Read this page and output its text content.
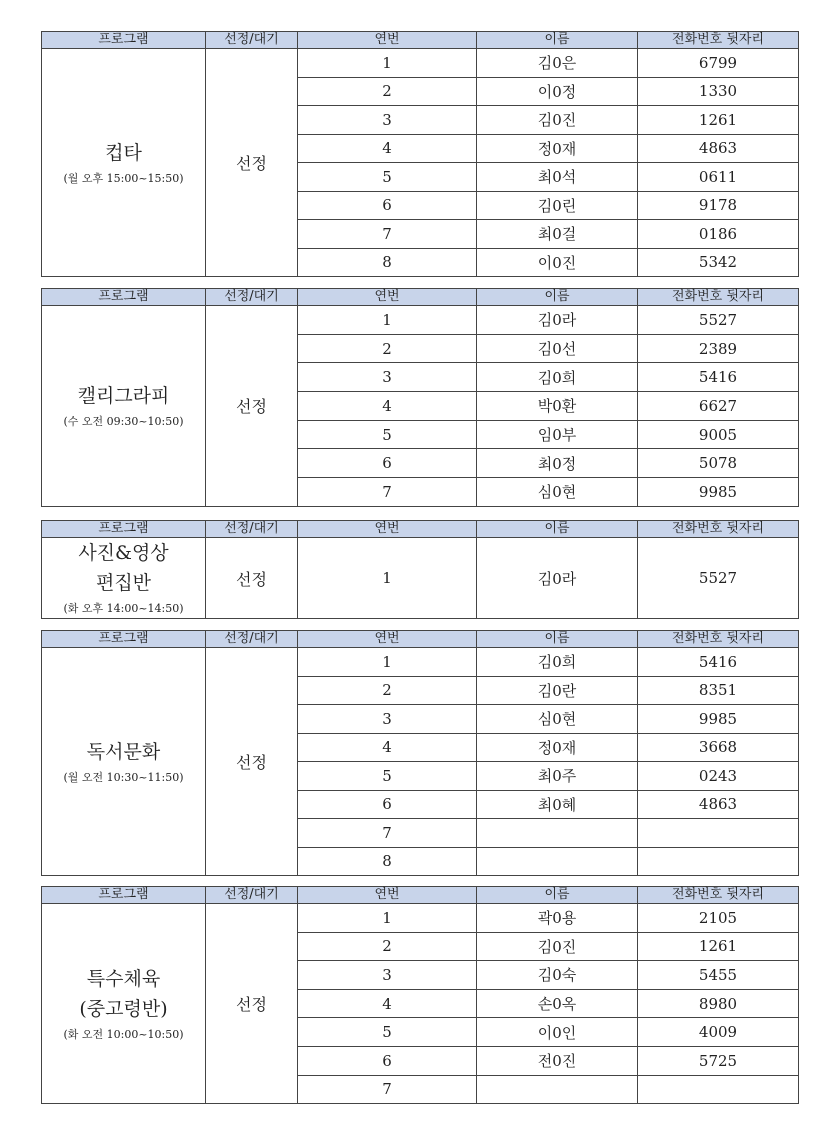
프로그램	선정/대기	연번	이름	전화번호 뒷자리

컵타
(월 오후 15:00~15:50)	선정	1	김0은	6799
		2	이0정	1330
		3	김0진	1261
		4	정0재	4863
		5	최0석	0611
		6	김0린	9178
		7	최0걸	0186
		8	이0진	5342
프로그램	선정/대기	연번	이름	전화번호 뒷자리

캘리그라피
(수 오전 09:30~10:50)	선정	1	김0라	5527
		2	김0선	2389
		3	김0희	5416
		4	박0환	6627
		5	임0부	9005
		6	최0정	5078
		7	심0현	9985
프로그램	선정/대기	연번	이름	전화번호 뒷자리

사진&영상
편집반
(화 오후 14:00~14:50)	선정	1	김0라	5527
프로그램	선정/대기	연번	이름	전화번호 뒷자리

독서문화
(월 오전 10:30~11:50)	선정	1	김0희	5416
		2	김0란	8351
		3	심0현	9985
		4	정0재	3668
		5	최0주	0243
		6	최0혜	4863
		7		
		8		
프로그램	선정/대기	연번	이름	전화번호 뒷자리

특수체육
(중고령반)
(화 오전 10:00~10:50)	선정	1	곽0용	2105
		2	김0진	1261
		3	김0숙	5455
		4	손0옥	8980
		5	이0인	4009
		6	전0진	5725
		7		
